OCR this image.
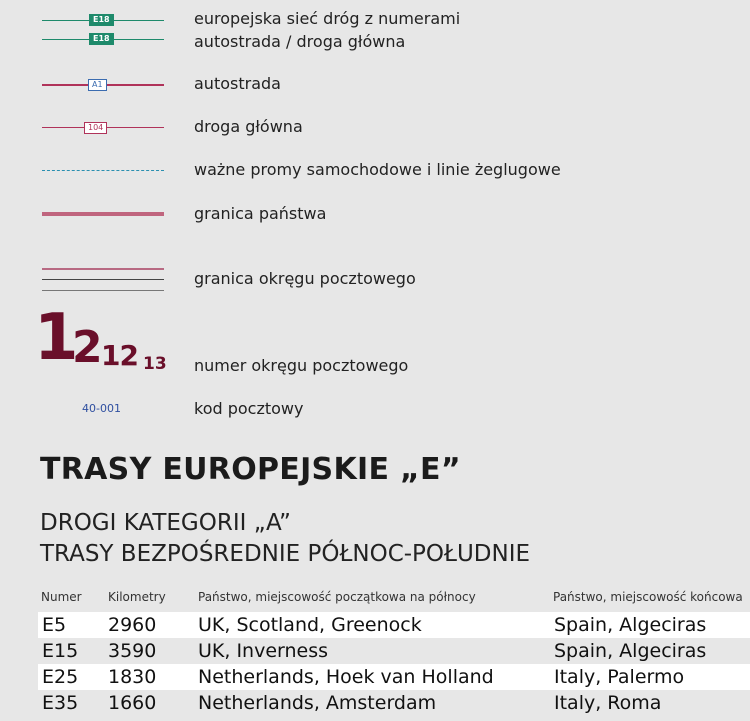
E18
E18
europejska sieć dróg z numerami
autostrada / droga główna
A1	autostrada
104	droga główna
ważne promy samochodowe i linie żeglugowe
granica państwa
granica okręgu pocztowego
1
2
12 13 numer okręgu pocztowego
40-001	kod pocztowy
TRASY EUROPEJSKIE „E”
DROGI KATEGORII „A”
TRASY BEZPOŚREDNIE PÓŁNOC-POŁUDNIE
Numer Kilometry	Państwo, miejscowość początkowa na północy	Państwo, miejscowość końcowa
E5 2960 UK, Scotland, Greenock	Spain, Algeciras
E15 3590 UK, Inverness	Spain, Algeciras
E25 1830 Netherlands, Hoek van Holland	Italy, Palermo
E35 1660 Netherlands, Amsterdam	Italy, Roma
